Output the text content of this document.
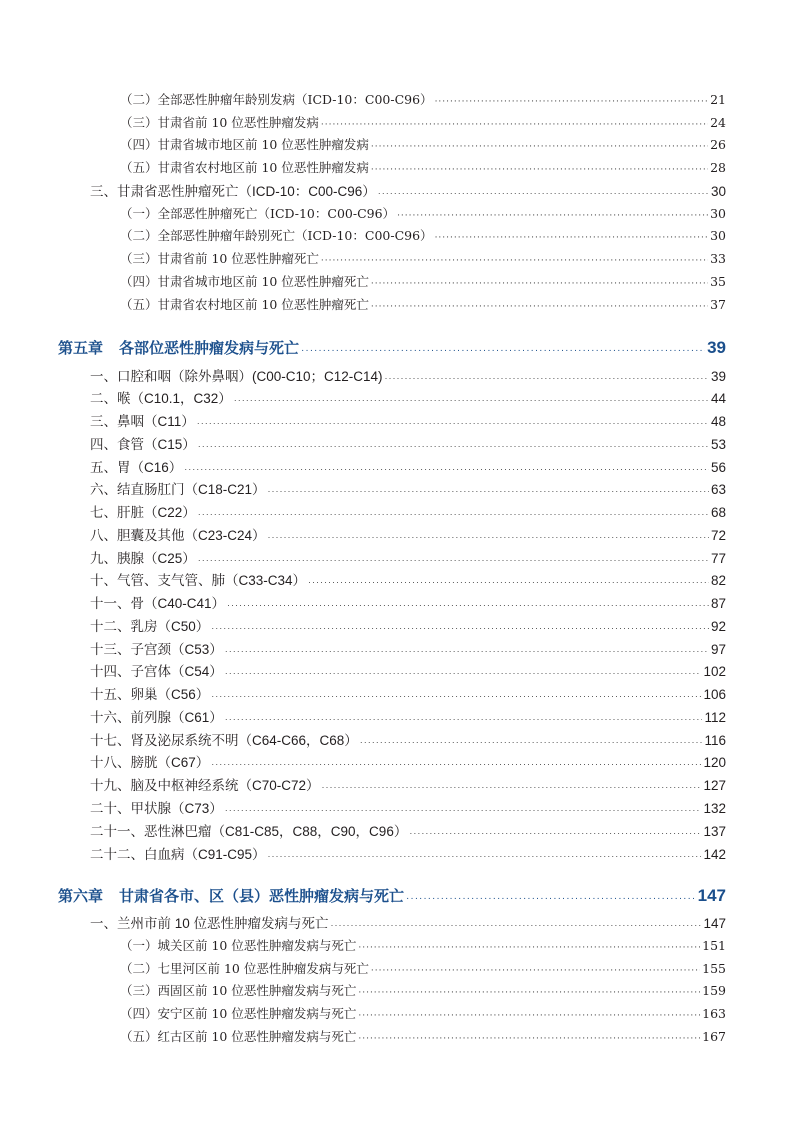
（二）全部恶性肿瘤年龄别发病（ICD-10：C00-C96） ·····	21
（三）甘肃省前 10 位恶性肿瘤发病 ·····	24
（四）甘肃省城市地区前 10 位恶性肿瘤发病 ·····	26
（五）甘肃省农村地区前 10 位恶性肿瘤发病 ·····	28
三、甘肃省恶性肿瘤死亡（ICD-10：C00-C96） ·····	30
（一）全部恶性肿瘤死亡（ICD-10：C00-C96） ·····	30
（二）全部恶性肿瘤年龄别死亡（ICD-10：C00-C96） ·····	30
（三）甘肃省前 10 位恶性肿瘤死亡 ·····	33
（四）甘肃省城市地区前 10 位恶性肿瘤死亡 ·····	35
（五）甘肃省农村地区前 10 位恶性肿瘤死亡 ·····	37
第五章 各部位恶性肿瘤发病与死亡 ·····	39
一、口腔和咽（除外鼻咽）(C00-C10；C12-C14) ·····	39
二、喉（C10.1，C32） ·····	44
三、鼻咽（C11） ·····	48
四、食管（C15） ·····	53
五、胃（C16） ·····	56
六、结直肠肛门（C18-C21） ·····	63
七、肝脏（C22） ·····	68
八、胆囊及其他（C23-C24） ·····	72
九、胰腺（C25） ·····	77
十、气管、支气管、肺（C33-C34） ·····	82
十一、骨（C40-C41） ·····	87
十二、乳房（C50） ·····	92
十三、子宫颈（C53） ·····	97
十四、子宫体（C54） ·····	102
十五、卵巢（C56） ·····	106
十六、前列腺（C61） ·····	112
十七、肾及泌尿系统不明（C64-C66，C68） ·····	116
十八、膀胱（C67） ·····	120
十九、脑及中枢神经系统（C70-C72） ·····	127
二十、甲状腺（C73） ·····	132
二十一、恶性淋巴瘤（C81-C85，C88，C90，C96） ·····	137
二十二、白血病（C91-C95） ·····	142
第六章 甘肃省各市、区（县）恶性肿瘤发病与死亡 ·····	147
一、兰州市前 10 位恶性肿瘤发病与死亡 ·····	147
（一）城关区前 10 位恶性肿瘤发病与死亡 ·····	151
（二）七里河区前 10 位恶性肿瘤发病与死亡 ·····	155
（三）西固区前 10 位恶性肿瘤发病与死亡 ·····	159
（四）安宁区前 10 位恶性肿瘤发病与死亡 ·····	163
（五）红古区前 10 位恶性肿瘤发病与死亡 ·····	167
